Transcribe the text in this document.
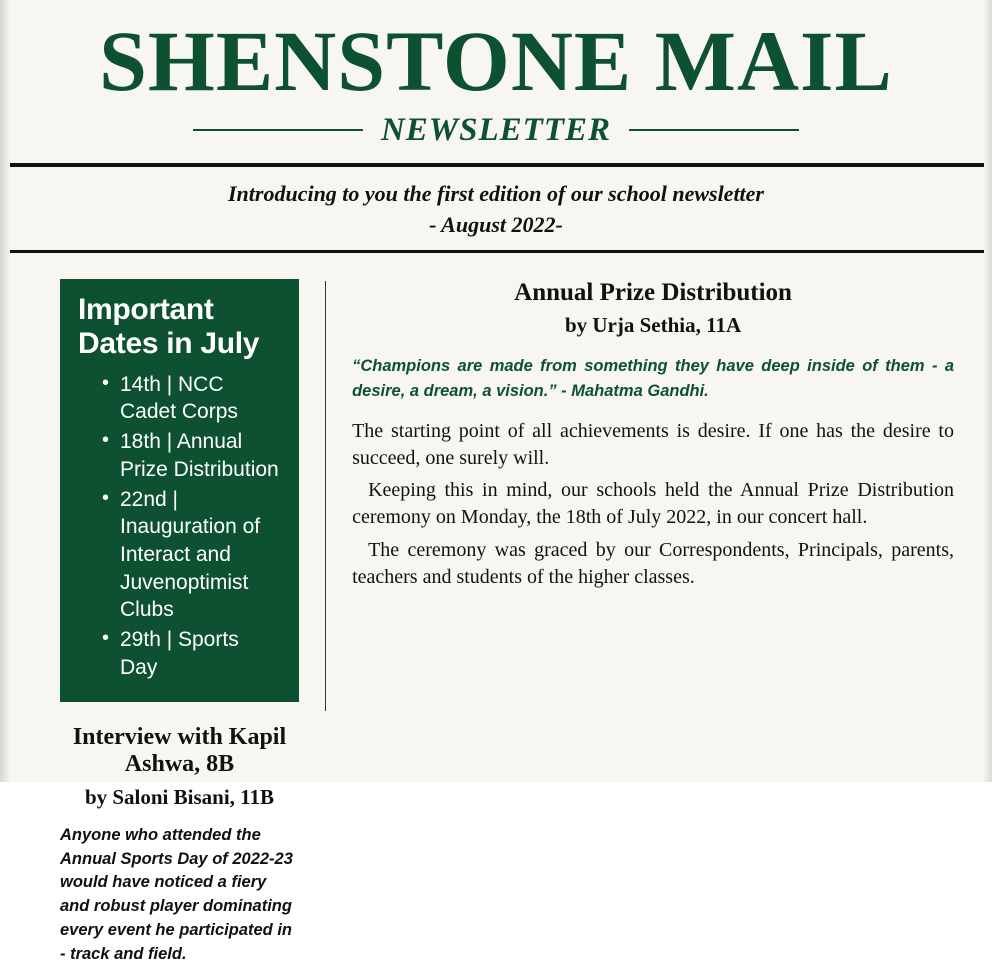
SHENSTONE MAIL
NEWSLETTER

Introducing to you the first edition of our school newsletter

- August 2022-

Important Dates in July
• 14th | NCC Cadet Corps
• 18th | Annual Prize Distribution
• 22nd | Inauguration of Interact and Juvenoptimist Clubs
• 29th | Sports Day
Interview with Kapil Ashwa, 8B

by Saloni Bisani, 11B

Anyone who attended the Annual Sports Day of 2022-23 would have noticed a fiery and robust player dominating every event he participated in - track and field.

Annual Prize Distribution

by Urja Sethia, 11A

“Champions are made from something they have deep inside of them - a desire, a dream, a vision.” - Mahatma Gandhi.

The starting point of all achievements is desire. If one has the desire to succeed, one surely will.

Keeping this in mind, our schools held the Annual Prize Distribution ceremony on Monday, the 18th of July 2022, in our concert hall.

The ceremony was graced by our Correspondents, Principals, parents, teachers and students of the higher classes.
